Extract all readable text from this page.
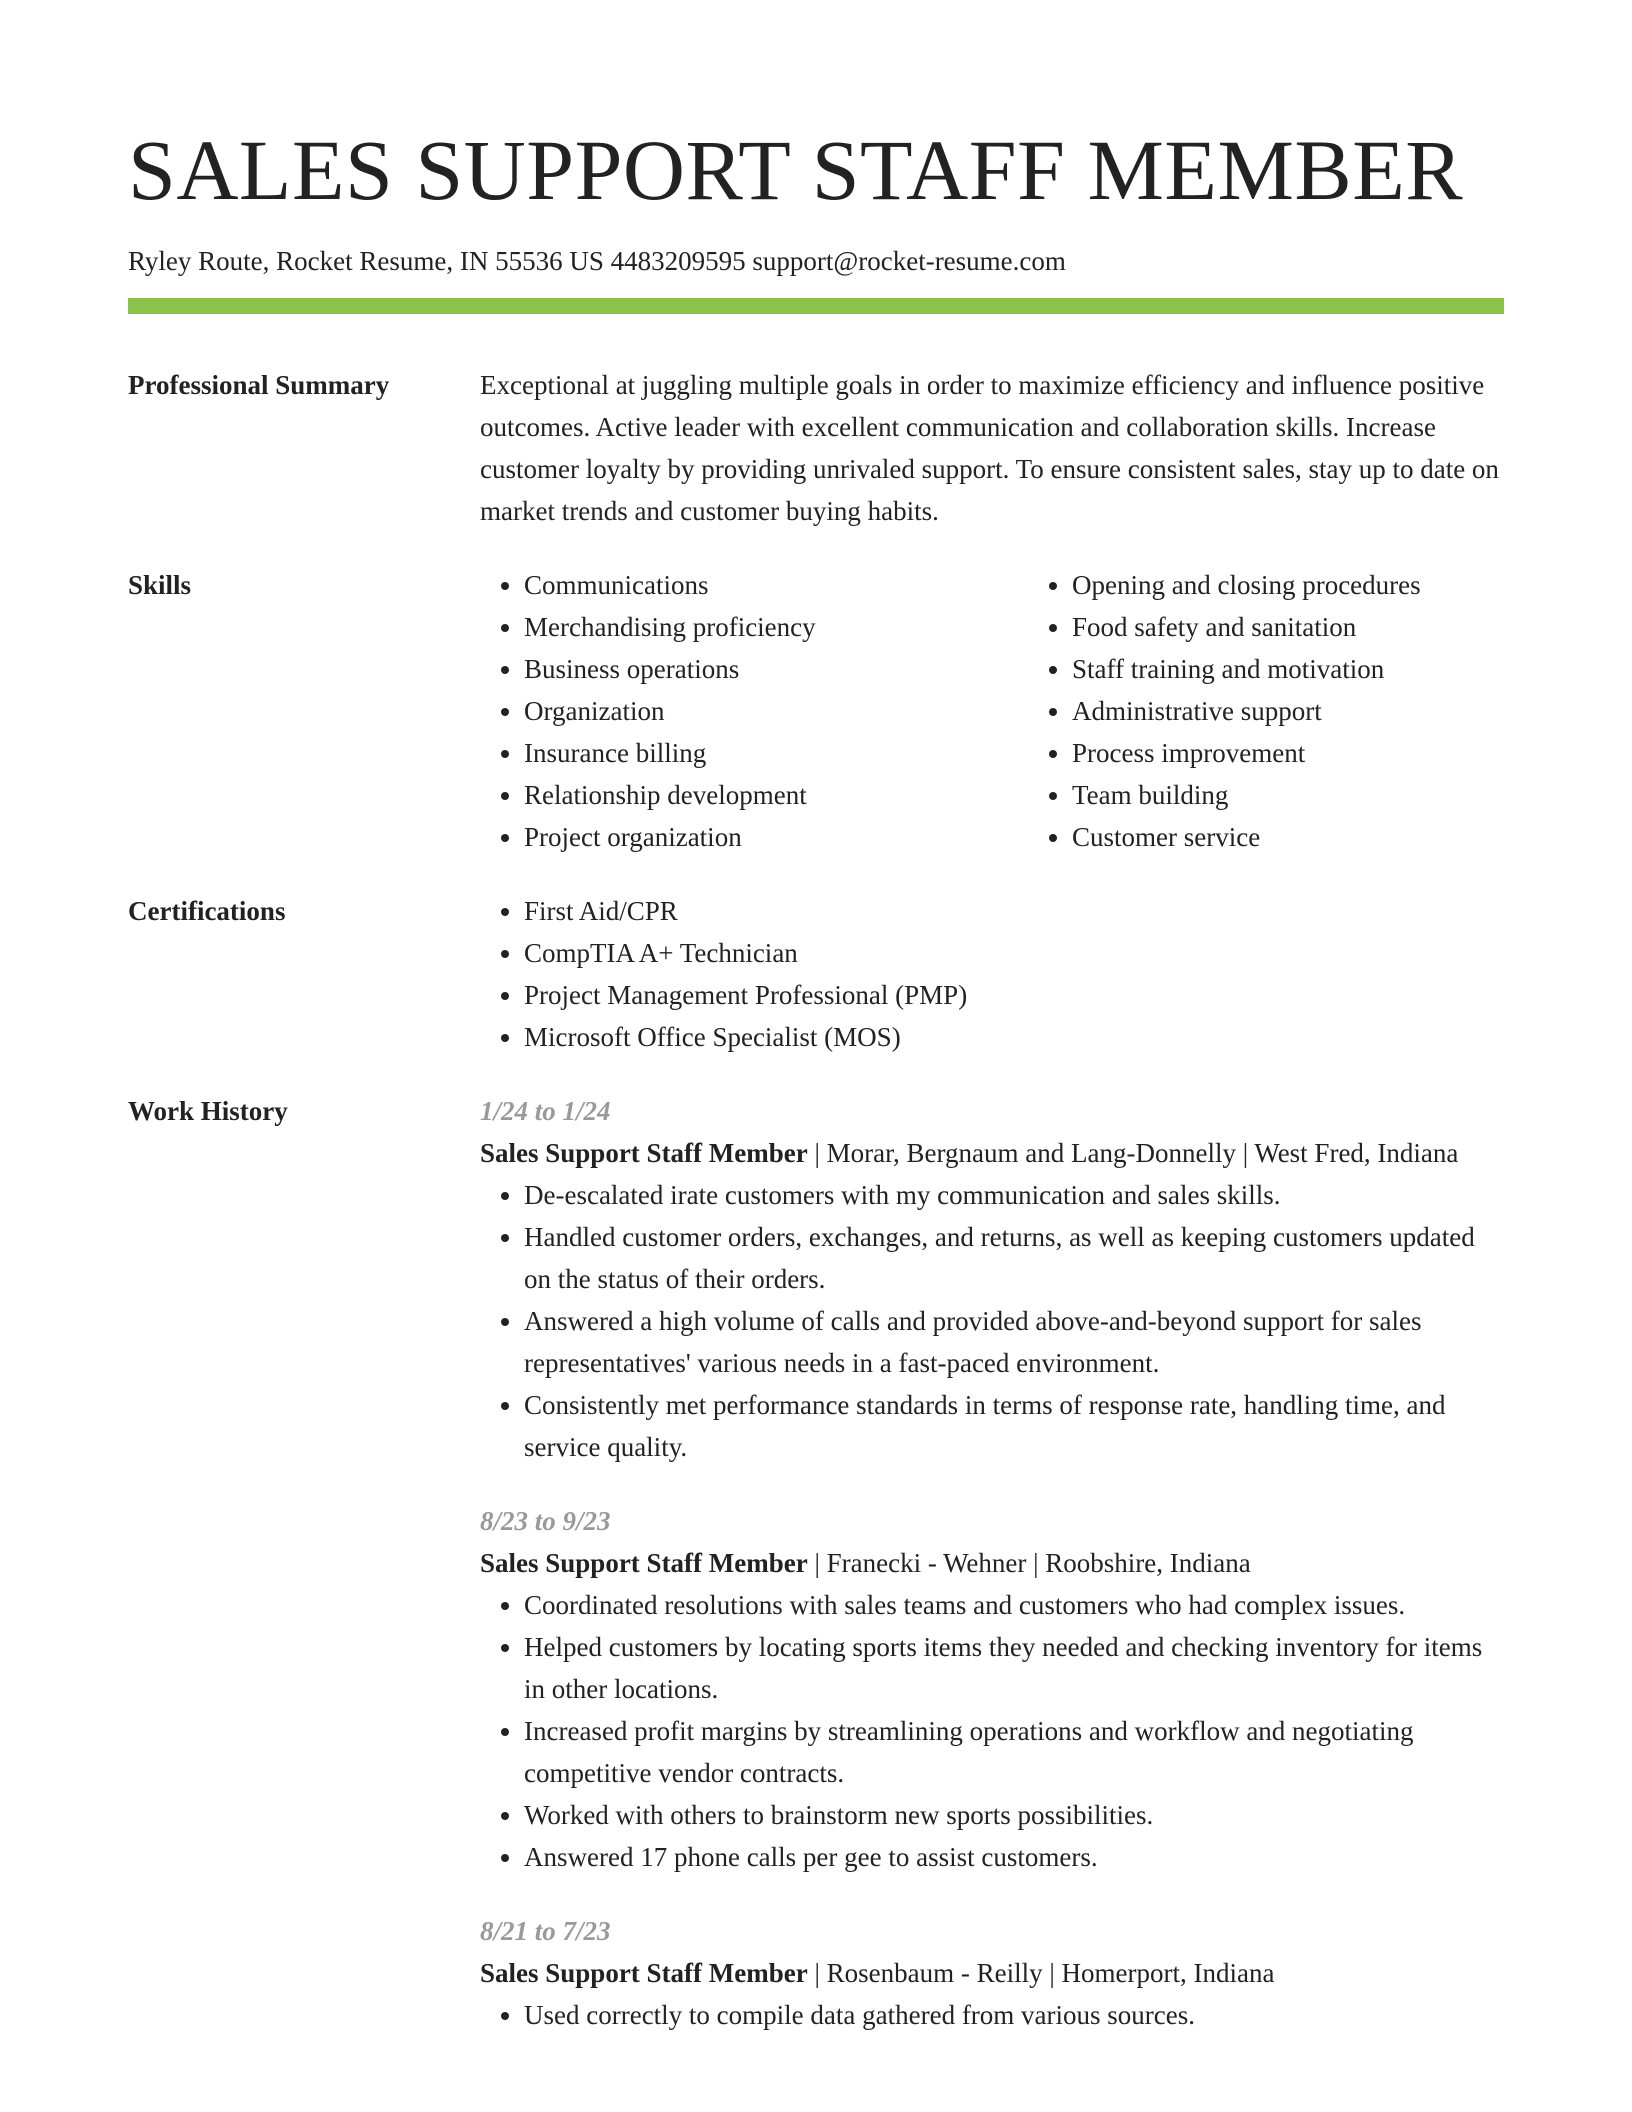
SALES SUPPORT STAFF MEMBER
Ryley Route, Rocket Resume, IN 55536 US 4483209595 support@rocket-resume.com
Professional Summary	Exceptional at juggling multiple goals in order to maximize efficiency and influence positive outcomes. Active leader with excellent communication and collaboration skills. Increase customer loyalty by providing unrivaled support. To ensure consistent sales, stay up to date on market trends and customer buying habits.
Skills	• Communications
• Merchandising proficiency
• Business operations
• Organization
• Insurance billing
• Relationship development
• Project organization
• Opening and closing procedures
• Food safety and sanitation
• Staff training and motivation
• Administrative support
• Process improvement
• Team building
• Customer service
Certifications	• First Aid/CPR
• CompTIA A+ Technician
• Project Management Professional (PMP)
• Microsoft Office Specialist (MOS)
Work History	1/24 to 1/24
Sales Support Staff Member | Morar, Bergnaum and Lang-Donnelly | West Fred, Indiana
• De-escalated irate customers with my communication and sales skills.
• Handled customer orders, exchanges, and returns, as well as keeping customers updated on the status of their orders.
• Answered a high volume of calls and provided above-and-beyond support for sales representatives' various needs in a fast-paced environment.
• Consistently met performance standards in terms of response rate, handling time, and service quality.
8/23 to 9/23
Sales Support Staff Member | Franecki - Wehner | Roobshire, Indiana
• Coordinated resolutions with sales teams and customers who had complex issues.
• Helped customers by locating sports items they needed and checking inventory for items in other locations.
• Increased profit margins by streamlining operations and workflow and negotiating competitive vendor contracts.
• Worked with others to brainstorm new sports possibilities.
• Answered 17 phone calls per gee to assist customers.
8/21 to 7/23
Sales Support Staff Member | Rosenbaum - Reilly | Homerport, Indiana
• Used correctly to compile data gathered from various sources.
